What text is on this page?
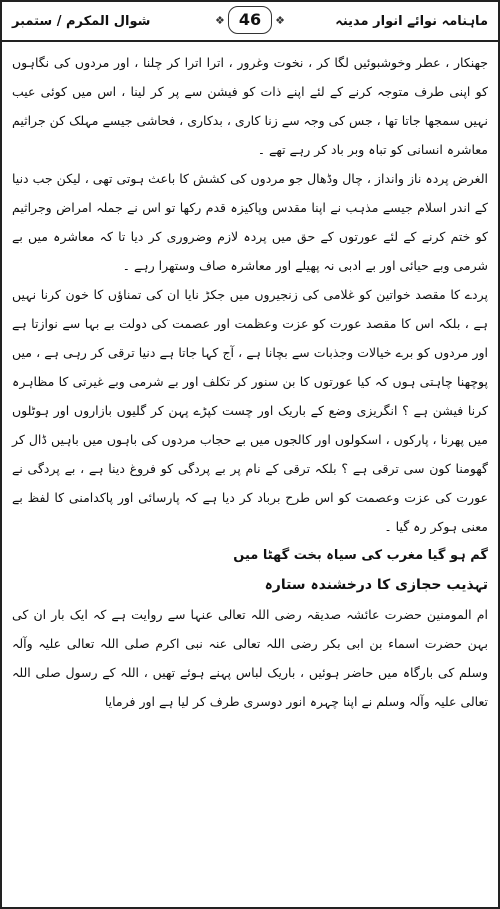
ماہنامہ نوائے انوار مدینہ
❖ 46	❖
شوال المکرم / ستمبر

جھنکار ، عطر وخوشبوئیں لگا کر ، نخوت وغرور ، اترا اترا کر چلنا ، اور مردوں کی نگاہوں کو اپنی طرف متوجہ کرنے کے لئے اپنے ذات کو فیشن سے پر کر لینا ، اس میں کوئی عیب نہیں سمجھا جاتا تھا ، جس کی وجہ سے زنا کاری ، بدکاری ، فحاشی جیسے مہلک کن جراثیم معاشرہ انسانی کو تباہ وبر باد کر رہے تھے ۔

الغرض پردہ ناز وانداز ، چال وڈھال جو مردوں کی کشش کا باعث ہوتی تھی ، لیکن جب دنیا کے اندر اسلام جیسے مذہب نے اپنا مقدس وپاکیزہ قدم رکھا تو اس نے جملہ امراض وجراثیم کو ختم کرنے کے لئے عورتوں کے حق میں پردہ لازم وضروری کر دیا تا کہ معاشرہ میں بے شرمی وبے حیائی اور بے ادبی نہ پھیلے اور معاشرہ صاف وستھرا رہے ۔

پردے کا مقصد خواتین کو غلامی کی زنجیروں میں جکڑ نایا ان کی تمناؤں کا خون کرنا نہیں ہے ، بلکہ اس کا مقصد عورت کو عزت وعظمت اور عصمت کی دولت بے بہا سے نوازتا ہے اور مردوں کو برے خیالات وجذبات سے بچانا ہے ، آج کہا جاتا ہے دنیا ترقی کر رہی ہے ، میں پوچھنا چاہتی ہوں کہ کیا عورتوں کا بن سنور کر تکلف اور بے شرمی وبے غیرتی کا مظاہرہ کرنا فیشن ہے ؟ انگریزی وضع کے باریک اور چست کپڑے پہن کر گلیوں بازاروں اور ہوٹلوں میں پھرنا ، پارکوں ، اسکولوں اور کالجوں میں بے حجاب مردوں کی باہوں میں باہیں ڈال کر گھومنا کون سی ترقی ہے ؟ بلکہ ترقی کے نام پر بے پردگی کو فروغ دینا ہے ، بے پردگی نے عورت کی عزت وعصمت کو اس طرح برباد کر دیا ہے کہ پارسائی اور پاکدامنی کا لفظ بے معنی ہوکر رہ گیا ۔

گم ہو گیا مغرب کی سیاہ بخت گھٹا میں

تہذیب حجازی کا درخشندہ ستارہ

ام المومنین حضرت عائشہ صدیقہ رضی اللہ تعالی عنہا سے روایت ہے کہ ایک بار ان کی بہن حضرت اسماء بن ابی بکر رضی اللہ تعالی عنہ نبی اکرم صلی اللہ تعالی علیہ وآلہ وسلم کی بارگاہ میں حاضر ہوئیں ، باریک لباس پہنے ہوئے تھیں ، اللہ کے رسول صلی اللہ تعالی علیہ وآلہ وسلم نے اپنا چہرہ انور دوسری طرف کر لیا ہے اور فرمایا
